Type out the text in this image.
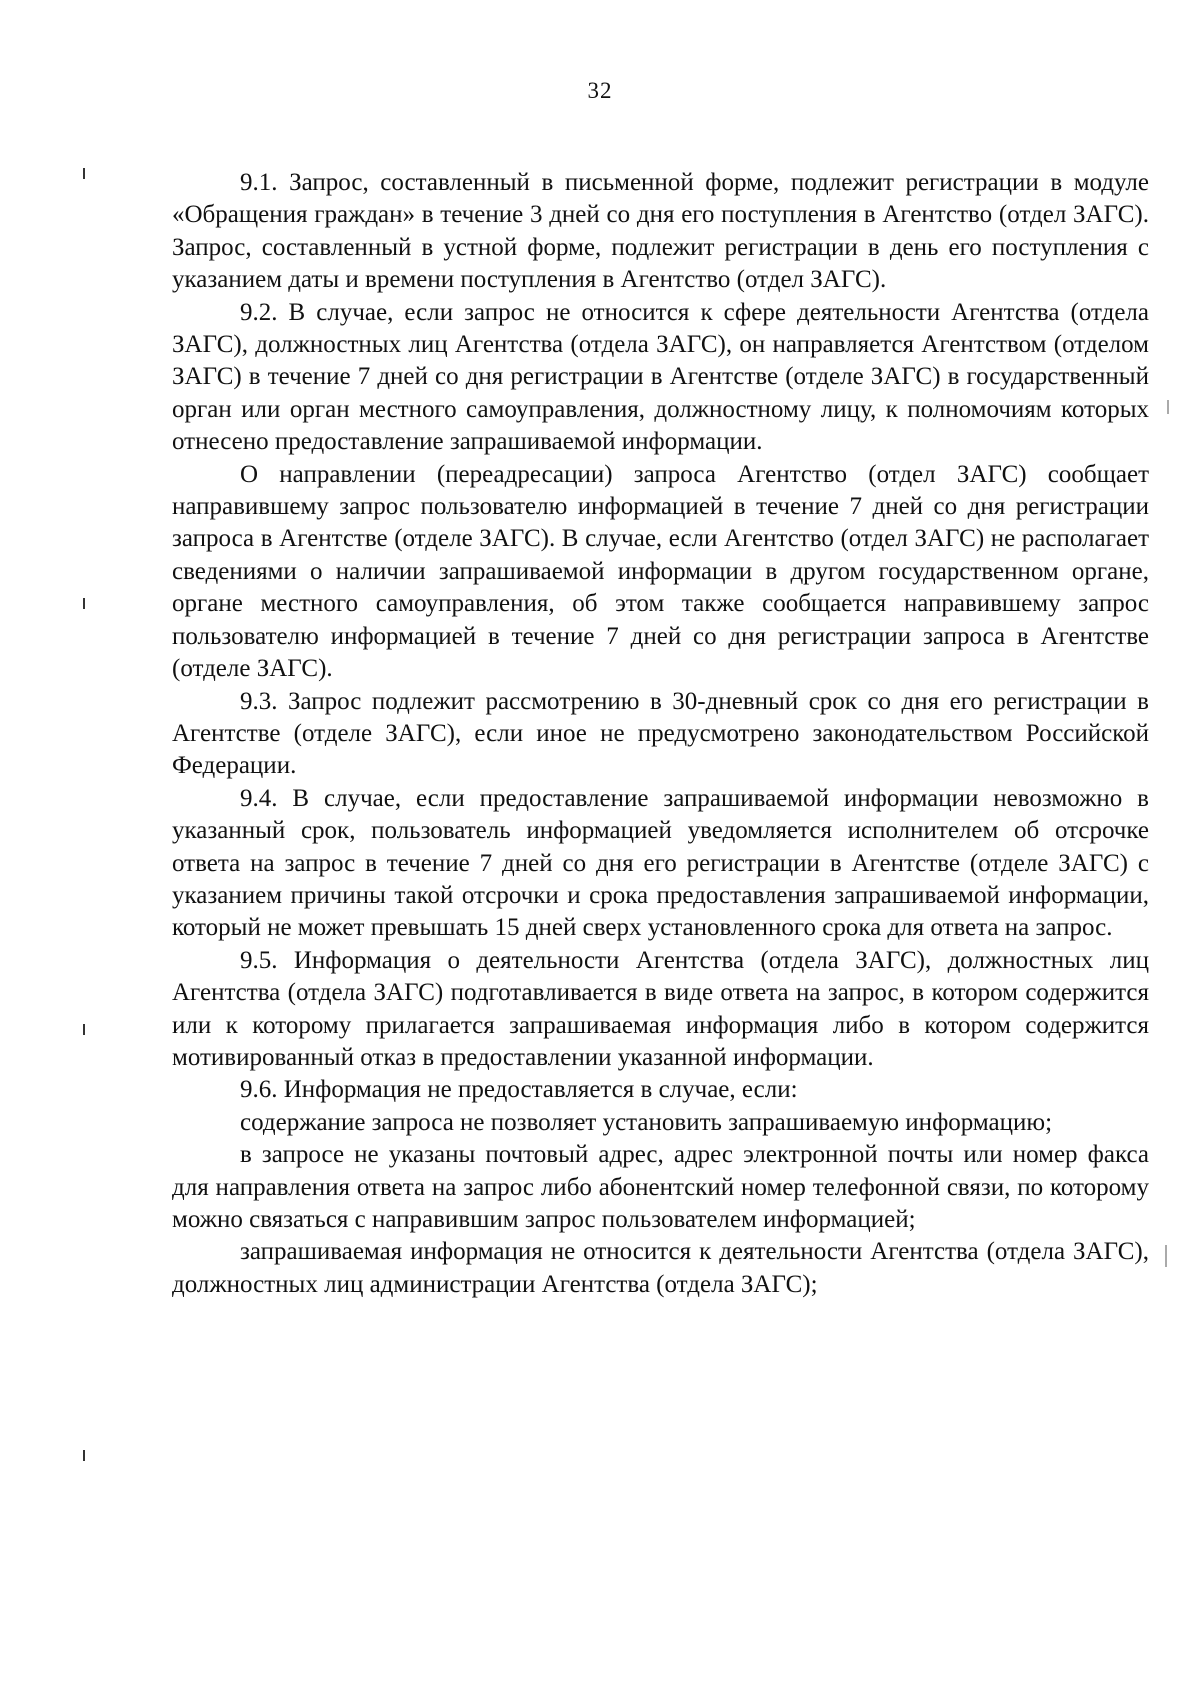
32

9.1. Запрос, составленный в письменной форме, подлежит регистрации в модуле «Обращения граждан» в течение 3 дней со дня его поступления в Агентство (отдел ЗАГС). Запрос, составленный в устной форме, подлежит регистрации в день его поступления с указанием даты и времени поступления в Агентство (отдел ЗАГС).

9.2. В случае, если запрос не относится к сфере деятельности Агентства (отдела ЗАГС), должностных лиц Агентства (отдела ЗАГС), он направляется Агентством (отделом ЗАГС) в течение 7 дней со дня регистрации в Агентстве (отделе ЗАГС) в государственный орган или орган местного самоуправления, должностному лицу, к полномочиям которых отнесено предоставление запрашиваемой информации.

О направлении (переадресации) запроса Агентство (отдел ЗАГС) сообщает направившему запрос пользователю информацией в течение 7 дней со дня регистрации запроса в Агентстве (отделе ЗАГС). В случае, если Агентство (отдел ЗАГС) не располагает сведениями о наличии запрашиваемой информации в другом государственном органе, органе местного самоуправления, об этом также сообщается направившему запрос пользователю информацией в течение 7 дней со дня регистрации запроса в Агентстве (отделе ЗАГС).

9.3. Запрос подлежит рассмотрению в 30-дневный срок со дня его регистрации в Агентстве (отделе ЗАГС), если иное не предусмотрено законодательством Российской Федерации.

9.4. В случае, если предоставление запрашиваемой информации невозможно в указанный срок, пользователь информацией уведомляется исполнителем об отсрочке ответа на запрос в течение 7 дней со дня его регистрации в Агентстве (отделе ЗАГС) с указанием причины такой отсрочки и срока предоставления запрашиваемой информации, который не может превышать 15 дней сверх установленного срока для ответа на запрос.

9.5. Информация о деятельности Агентства (отдела ЗАГС), должностных лиц Агентства (отдела ЗАГС) подготавливается в виде ответа на запрос, в котором содержится или к которому прилагается запрашиваемая информация либо в котором содержится мотивированный отказ в предоставлении указанной информации.

9.6. Информация не предоставляется в случае, если:

содержание запроса не позволяет установить запрашиваемую информацию;

в запросе не указаны почтовый адрес, адрес электронной почты или номер факса для направления ответа на запрос либо абонентский номер телефонной связи, по которому можно связаться с направившим запрос пользователем информацией;

запрашиваемая информация не относится к деятельности Агентства (отдела ЗАГС), должностных лиц администрации Агентства (отдела ЗАГС);
